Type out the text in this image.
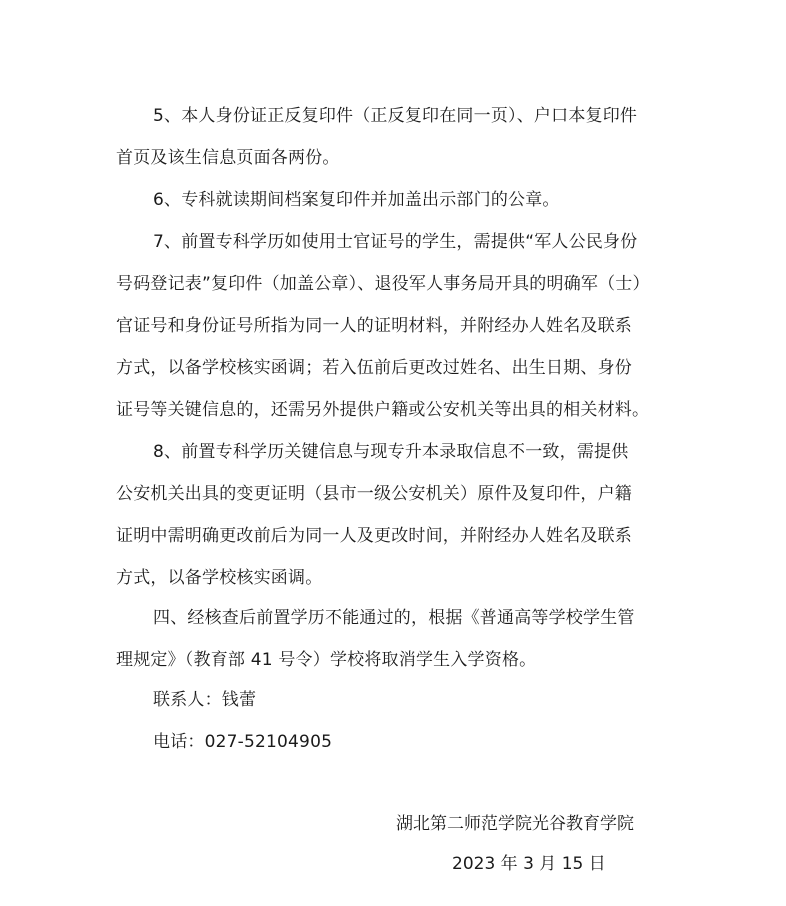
5、本人身份证正反复印件（正反复印在同一页）、户口本复印件
首页及该生信息页面各两份。
6、专科就读期间档案复印件并加盖出示部门的公章。
7、前置专科学历如使用士官证号的学生，需提供“军人公民身份
号码登记表”复印件（加盖公章）、退役军人事务局开具的明确军（士）
官证号和身份证号所指为同一人的证明材料，并附经办人姓名及联系
方式，以备学校核实函调；若入伍前后更改过姓名、出生日期、身份
证号等关键信息的，还需另外提供户籍或公安机关等出具的相关材料。
8、前置专科学历关键信息与现专升本录取信息不一致，需提供
公安机关出具的变更证明（县市一级公安机关）原件及复印件，户籍
证明中需明确更改前后为同一人及更改时间，并附经办人姓名及联系
方式，以备学校核实函调。
四、经核查后前置学历不能通过的，根据《普通高等学校学生管
理规定》（教育部 41 号令）学校将取消学生入学资格。
联系人：钱蕾
电话：027-52104905
湖北第二师范学院光谷教育学院
2023 年 3 月 15 日
